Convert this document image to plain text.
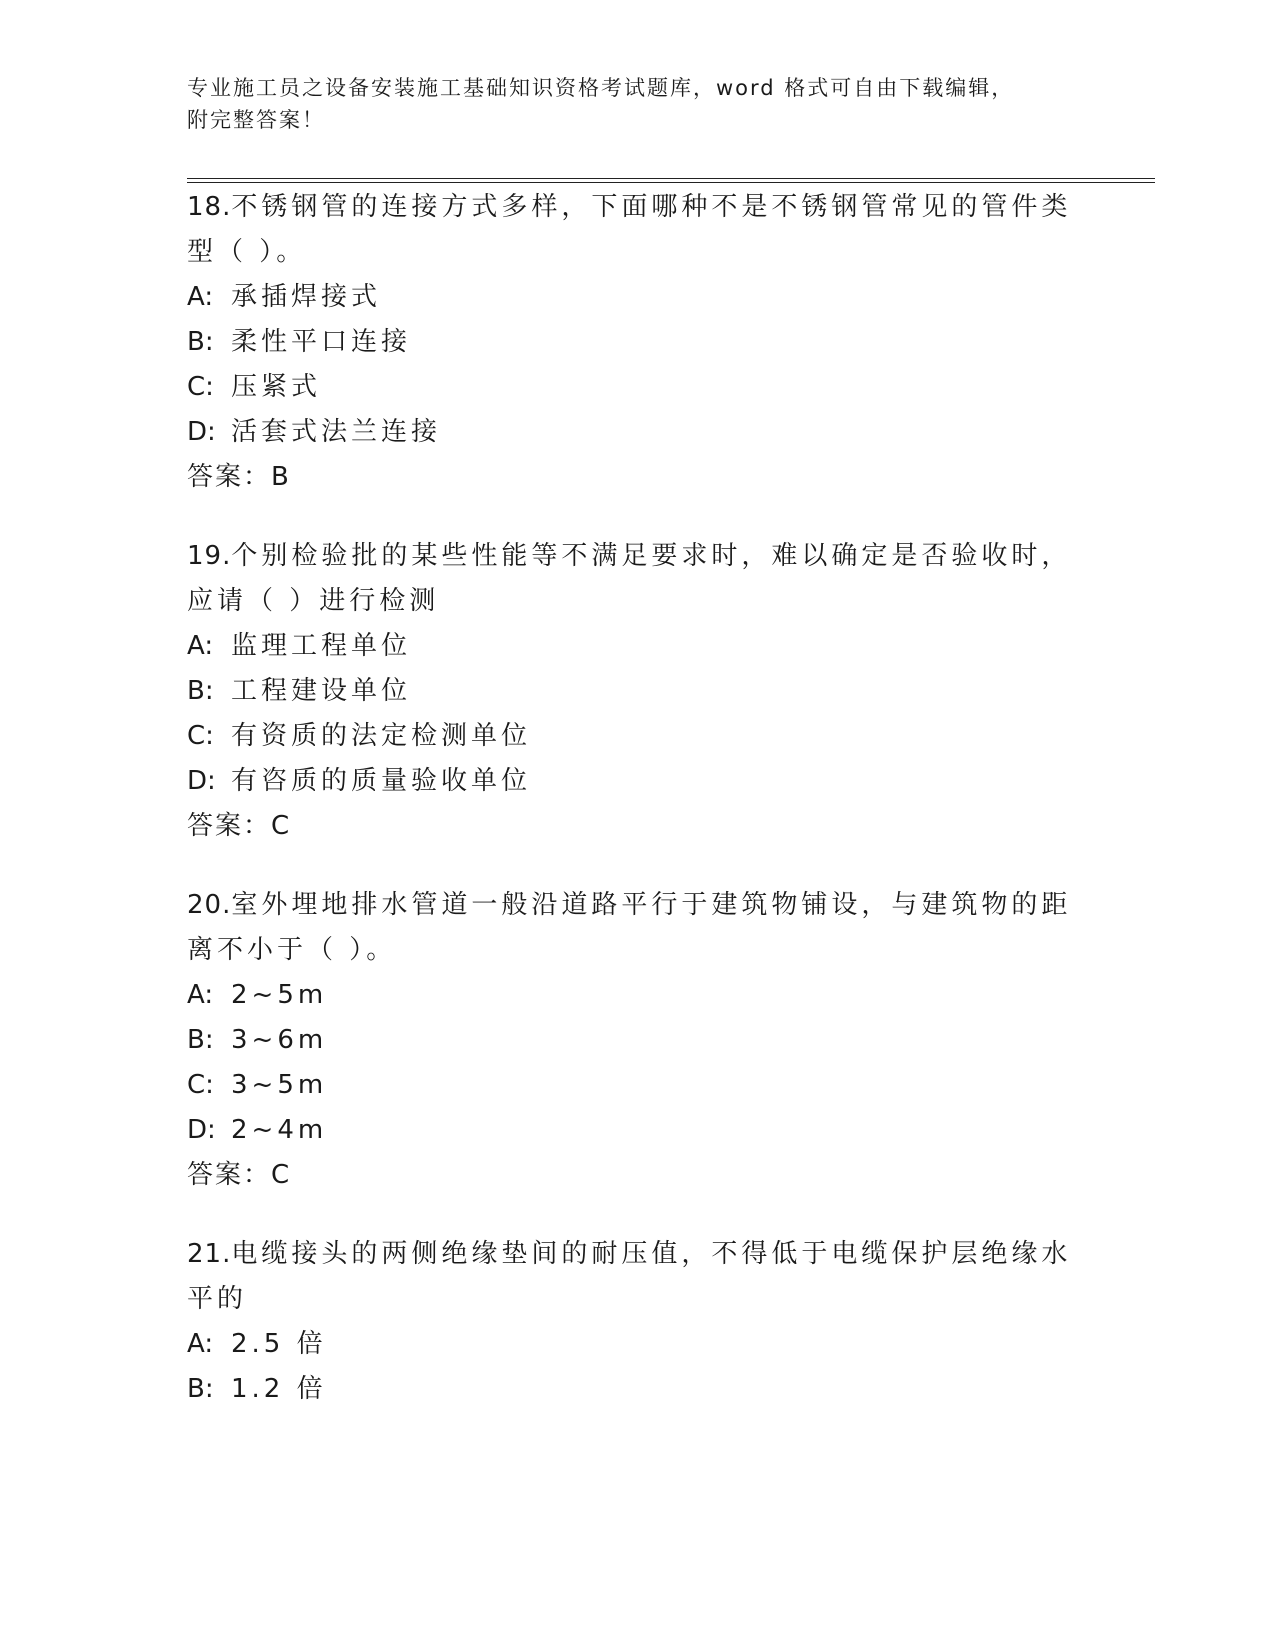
专业施工员之设备安装施工基础知识资格考试题库，word 格式可自由下载编辑，
附完整答案！

18.不锈钢管的连接方式多样，下面哪种不是不锈钢管常见的管件类型（ ）。

A: 承插焊接式

B: 柔性平口连接

C: 压紧式

D: 活套式法兰连接

答案：B

19.个别检验批的某些性能等不满足要求时，难以确定是否验收时，应请（ ）进行检测

A: 监理工程单位

B: 工程建设单位

C: 有资质的法定检测单位

D: 有咨质的质量验收单位

答案：C

20.室外埋地排水管道一般沿道路平行于建筑物铺设，与建筑物的距离不小于（ ）。

A: 2~5m

B: 3~6m

C: 3~5m

D: 2~4m

答案：C

21.电缆接头的两侧绝缘垫间的耐压值，不得低于电缆保护层绝缘水平的

A: 2.5 倍

B: 1.2 倍
